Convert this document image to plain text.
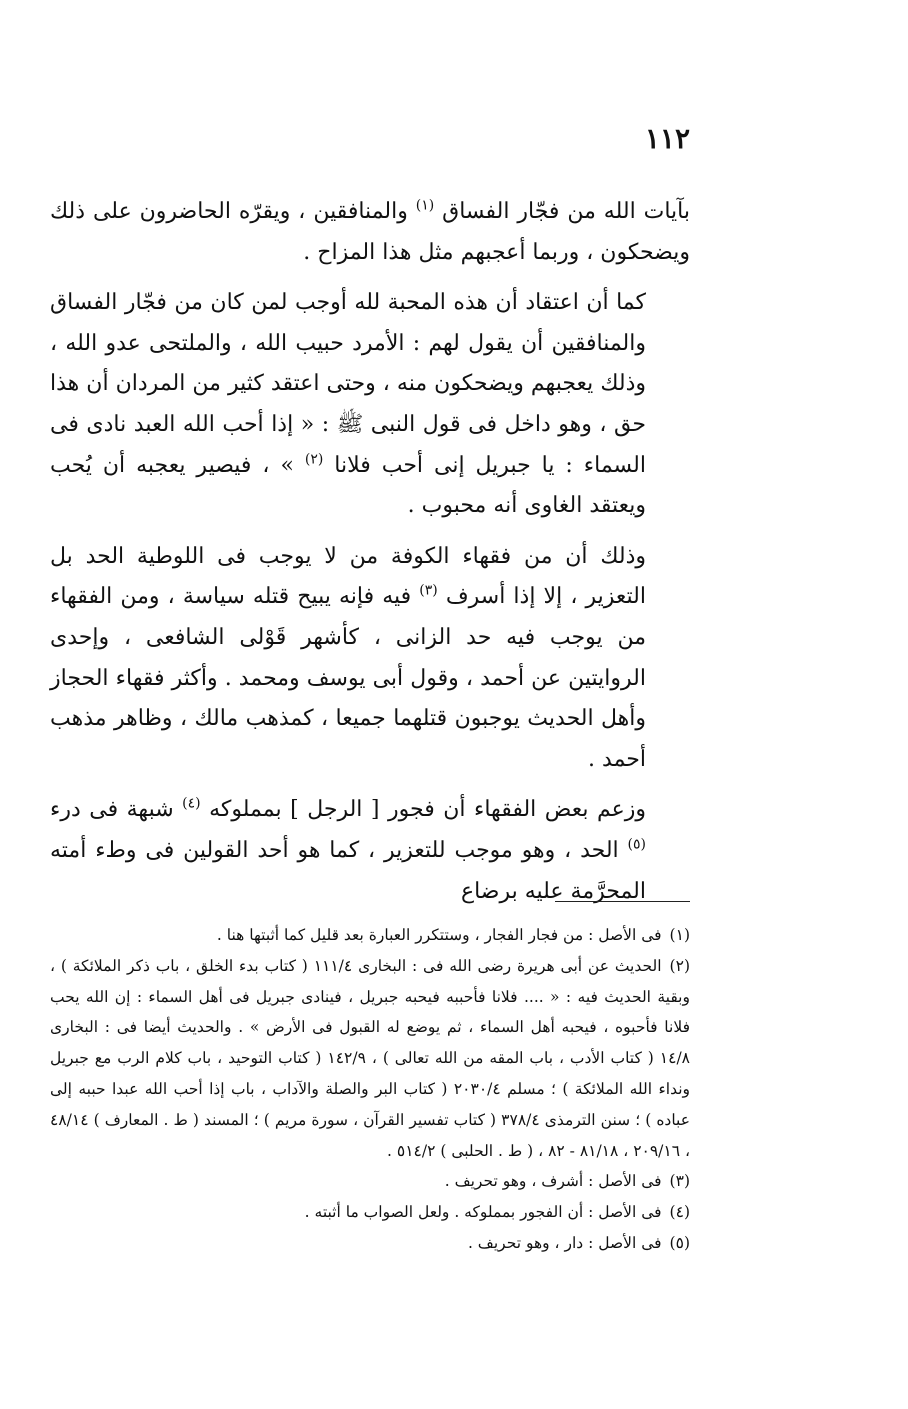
١١٢

بآيات الله من فجّار الفساق $^{(١)}$ والمنافقين ، ويقرّه الحاضرون على ذلك ويضحكون ، وربما أعجبهم مثل هذا المزاح .

كما أن اعتقاد أن هذه المحبة لله أوجب لمن كان من فجّار الفساق والمنافقين أن يقول لهم : الأمرد حبيب الله ، والملتحى عدو الله ، وذلك يعجبهم ويضحكون منه ، وحتى اعتقد كثير من المردان أن هذا حق ، وهو داخل فى قول النبى ﷺ : « إذا أحب الله العبد نادى فى السماء : يا جبريل إنى أحب فلانا $^{(٢)}$ » ، فيصير يعجبه أن يُحب ويعتقد الغاوى أنه محبوب .

وذلك أن من فقهاء الكوفة من لا يوجب فى اللوطية الحد بل التعزير ، إلا إذا أسرف $^{(٣)}$ فيه فإنه يبيح قتله سياسة ، ومن الفقهاء من يوجب فيه حد الزانى ، كأشهر قَوْلى الشافعى ، وإحدى الروايتين عن أحمد ، وقول أبى يوسف ومحمد . وأكثر فقهاء الحجاز وأهل الحديث يوجبون قتلهما جميعا ، كمذهب مالك ، وظاهر مذهب أحمد .

وزعم بعض الفقهاء أن فجور [ الرجل ] بمملوكه $^{(٤)}$ شبهة فى درء $^{(٥)}$ الحد ، وهو موجب للتعزير ، كما هو أحد القولين فى وطء أمته المحرَّمة عليه برضاع

(١)فى الأصل : من فجار الفجار ، وستتكرر العبارة بعد قليل كما أثبتها هنا .

(٢)الحديث عن أبى هريرة رضى الله فى : البخارى ١١١/٤ ( كتاب بدء الخلق ، باب ذكر الملائكة ) ، وبقية الحديث فيه : « .... فلانا فأحببه فيحبه جبريل ، فينادى جبريل فى أهل السماء : إن الله يحب فلانا فأحبوه ، فيحبه أهل السماء ، ثم يوضع له القبول فى الأرض » . والحديث أيضا فى : البخارى ١٤/٨ ( كتاب الأدب ، باب المقه من الله تعالى ) ، ١٤٢/٩ ( كتاب التوحيد ، باب كلام الرب مع جبريل ونداء الله الملائكة ) ؛ مسلم ٢٠٣٠/٤ ( كتاب البر والصلة والآداب ، باب إذا أحب الله عبدا حببه إلى عباده ) ؛ سنن الترمذى ٣٧٨/٤ ( كتاب تفسير القرآن ، سورة مريم ) ؛ المسند ( ط . المعارف ) ٤٨/١٤ ، ٢٠٩/١٦ ، ٨١/١٨ - ٨٢ ، ( ط . الحلبى ) ٥١٤/٢ .

(٣)فى الأصل : أشرف ، وهو تحريف .

(٤)فى الأصل : أن الفجور بمملوكه . ولعل الصواب ما أثبته .

(٥)فى الأصل : دار ، وهو تحريف .
